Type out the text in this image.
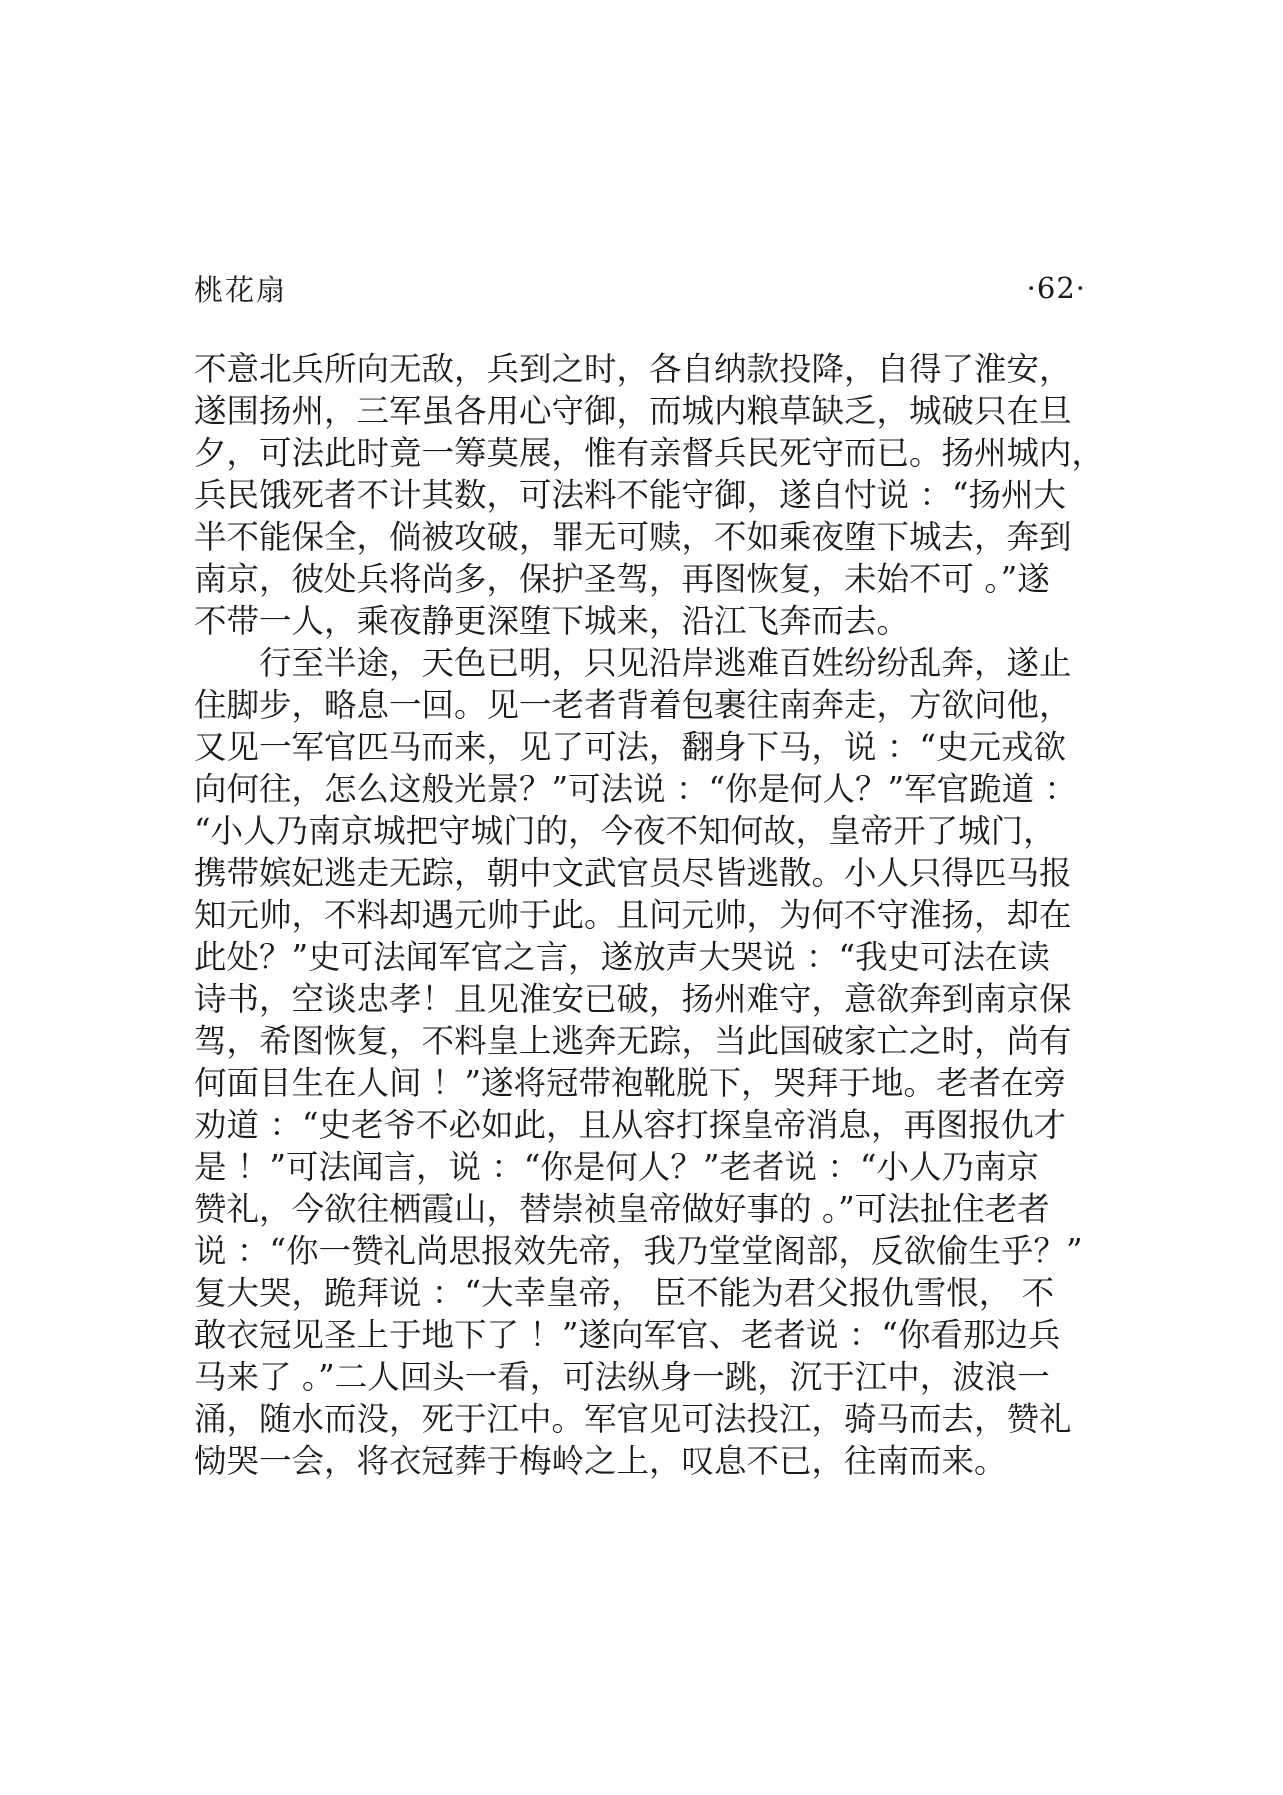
桃花扇	·62·
不意北兵所向无敌，兵到之时，各自纳款投降，自得了淮安，
遂围扬州，三军虽各用心守御，而城内粮草缺乏，城破只在旦
夕，可法此时竟一筹莫展，惟有亲督兵民死守而已。扬州城内，
兵民饿死者不计其数，可法料不能守御，遂自忖说 ：“扬州大
半不能保全，倘被攻破，罪无可赎，不如乘夜堕下城去，奔到
南京，彼处兵将尚多，保护圣驾，再图恢复，未始不可 。”遂
不带一人，乘夜静更深堕下城来，沿江飞奔而去。
　　行至半途，天色已明，只见沿岸逃难百姓纷纷乱奔，遂止
住脚步，略息一回。见一老者背着包裹往南奔走，方欲问他，
又见一军官匹马而来，见了可法，翻身下马，说 ：“史元戎欲
向何往，怎么这般光景？”可法说 ：“你是何人？”军官跪道 ：
“小人乃南京城把守城门的，今夜不知何故，皇帝开了城门，
携带嫔妃逃走无踪，朝中文武官员尽皆逃散。小人只得匹马报
知元帅，不料却遇元帅于此。且问元帅，为何不守淮扬，却在
此处？”史可法闻军官之言，遂放声大哭说 ：“我史可法在读
诗书，空谈忠孝！且见淮安已破，扬州难守，意欲奔到南京保
驾，希图恢复，不料皇上逃奔无踪，当此国破家亡之时，尚有
何面目生在人间 ！”遂将冠带袍靴脱下，哭拜于地。老者在旁
劝道 ：“史老爷不必如此，且从容打探皇帝消息，再图报仇才
是 ！”可法闻言，说 ：“你是何人？”老者说 ：“小人乃南京
赞礼，今欲往栖霞山，替崇祯皇帝做好事的 。”可法扯住老者
说 ：“你一赞礼尚思报效先帝，我乃堂堂阁部，反欲偷生乎？”
复大哭，跪拜说 ：“大幸皇帝， 臣不能为君父报仇雪恨， 不
敢衣冠见圣上于地下了 ！”遂向军官、老者说 ：“你看那边兵
马来了 。”二人回头一看，可法纵身一跳，沉于江中，波浪一
涌，随水而没，死于江中。军官见可法投江，骑马而去，赞礼
恸哭一会，将衣冠葬于梅岭之上，叹息不已，往南而来。
